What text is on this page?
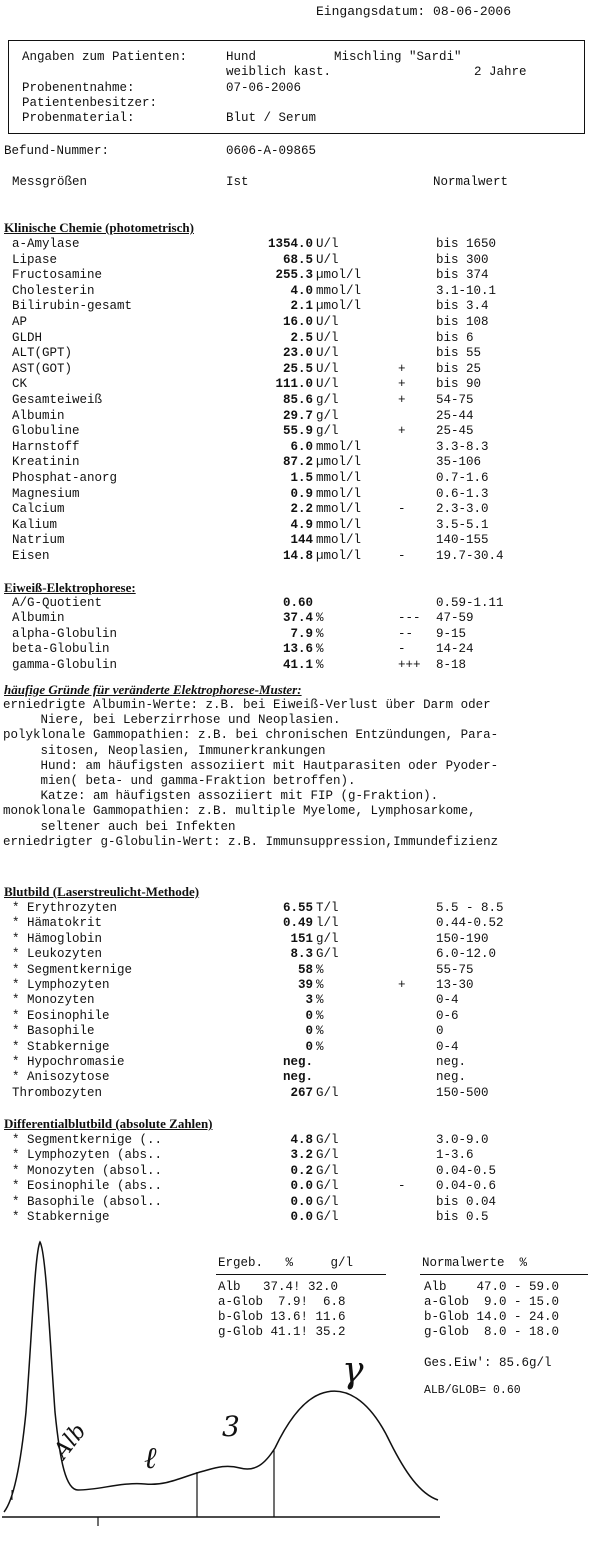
Eingangsdatum: 08-06-2006
Angaben zum Patienten:	Hund	Mischling "Sardi"
weiblich kast.	2 Jahre
Probenentnahme:	07-06-2006
Patientenbesitzer:
Probenmaterial:	Blut / Serum
Befund-Nummer:	0606-A-09865
Messgrößen	Ist	Normalwert
Klinische Chemie (photometrisch)
a-Amylase	1354.0 U/l	bis 1650
Lipase	68.5 U/l	bis 300
Fructosamine	255.3 µmol/l	bis 374
Cholesterin	4.0 mmol/l	3.1-10.1
Bilirubin-gesamt	2.1 µmol/l	bis 3.4
AP	16.0 U/l	bis 108
GLDH	2.5 U/l	bis 6
ALT(GPT)	23.0 U/l	bis 55
AST(GOT)	25.5 U/l	+ bis 25
CK	111.0 U/l	+ bis 90
Gesamteiweiß	85.6 g/l	+ 54-75
Albumin	29.7 g/l	25-44
Globuline	55.9 g/l	+ 25-45
Harnstoff	6.0 mmol/l	3.3-8.3
Kreatinin	87.2 µmol/l	35-106
Phosphat-anorg	1.5 mmol/l	0.7-1.6
Magnesium	0.9 mmol/l	0.6-1.3
Calcium	2.2 mmol/l	- 2.3-3.0
Kalium	4.9 mmol/l	3.5-5.1
Natrium	144 mmol/l	140-155
Eisen	14.8 µmol/l	- 19.7-30.4
Eiweiß-Elektrophorese:
A/G-Quotient	0.60	0.59-1.11
Albumin	37.4 %	--- 47-59
alpha-Globulin	7.9 %	-- 9-15
beta-Globulin	13.6 %	- 14-24
gamma-Globulin	41.1 %	+++ 8-18
häufige Gründe für veränderte Elektrophorese-Muster:
erniedrigte Albumin-Werte: z.B. bei Eiweiß-Verlust über Darm oder
Niere, bei Leberzirrhose und Neoplasien.
polyklonale Gammopathien: z.B. bei chronischen Entzündungen, Para-
sitosen, Neoplasien, Immunerkrankungen
Hund: am häufigsten assoziiert mit Hautparasiten oder Pyoder-
mien( beta- und gamma-Fraktion betroffen).
Katze: am häufigsten assoziiert mit FIP (g-Fraktion).
monoklonale Gammopathien: z.B. multiple Myelome, Lymphosarkome,
seltener auch bei Infekten
erniedrigter g-Globulin-Wert: z.B. Immunsuppression,Immundefizienz
Blutbild (Laserstreulicht-Methode)
* Erythrozyten	6.55 T/l	5.5 - 8.5
* Hämatokrit	0.49 l/l	0.44-0.52
* Hämoglobin	151 g/l	150-190
* Leukozyten	8.3 G/l	6.0-12.0
* Segmentkernige	58 %	55-75
* Lymphozyten	39 %	+ 13-30
* Monozyten	3 %	0-4
* Eosinophile	0 %	0-6
* Basophile	0 %	0
* Stabkernige	0 %	0-4
* Hypochromasie	neg.	neg.
* Anisozytose	neg.	neg.
Thrombozyten	267 G/l	150-500
Differentialblutbild (absolute Zahlen)
* Segmentkernige (..	4.8 G/l	3.0-9.0
* Lymphozyten (abs..	3.2 G/l	1-3.6
* Monozyten (absol..	0.2 G/l	0.04-0.5
* Eosinophile (abs..	0.0 G/l	- 0.04-0.6
* Basophile (absol..	0.0 G/l	bis 0.04
* Stabkernige	0.0 G/l	bis 0.5
Ergeb.   %     g/l	Normalwerte  %
Alb   37.4! 32.0
a-Glob  7.9!  6.8
b-Glob 13.6! 11.6
g-Glob 41.1! 35.2
Alb    47.0 - 59.0
a-Glob  9.0 - 15.0
b-Glob 14.0 - 24.0
g-Glob  8.0 - 18.0
Ges.Eiw': 85.6g/l
ALB/GLOB= 0.60
Alb ℓ
3
γ
